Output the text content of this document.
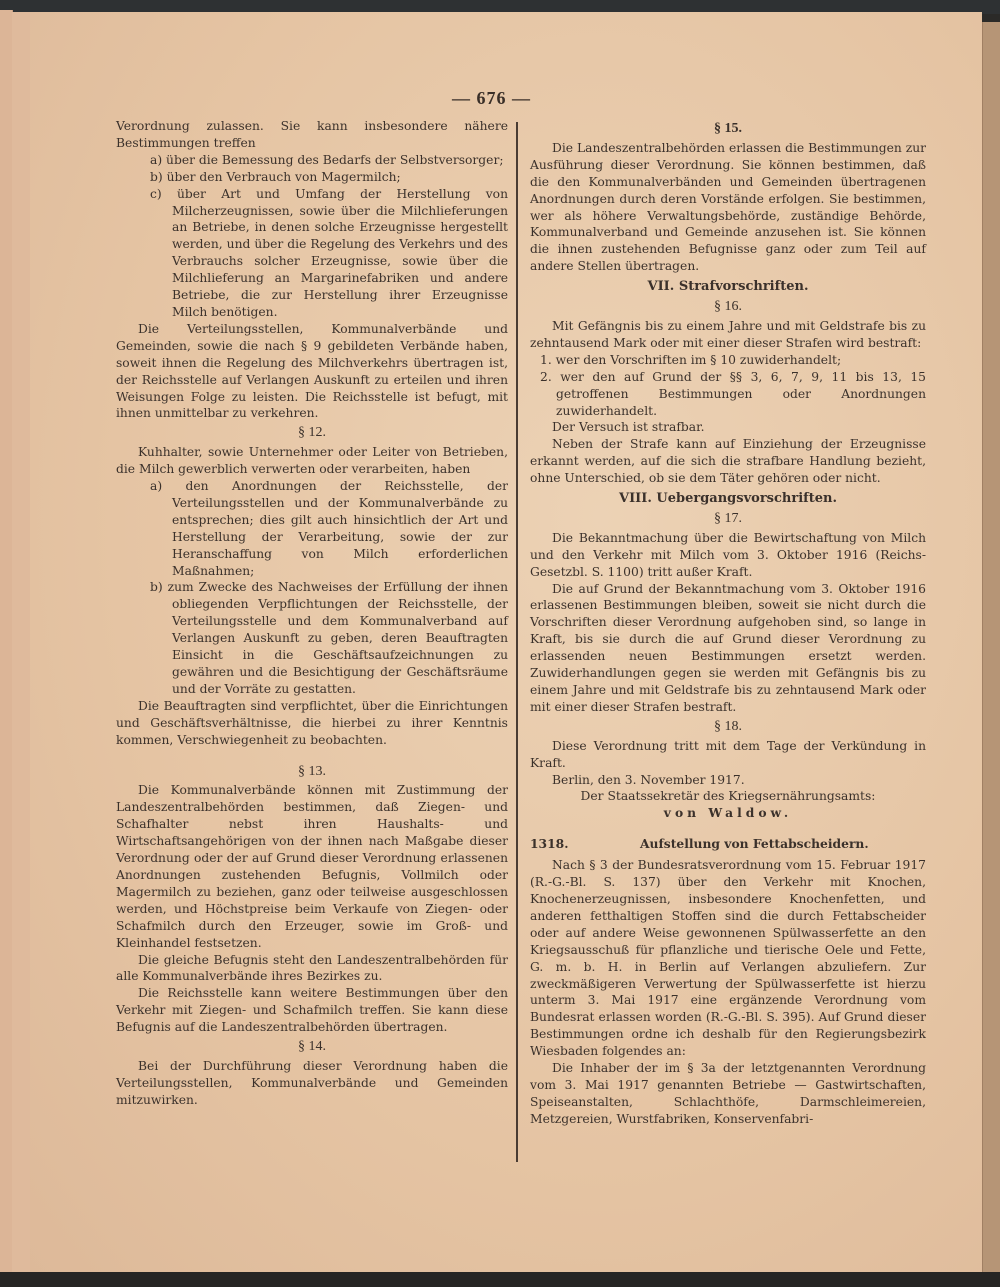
— 676 —

Verordnung zulassen. Sie kann insbesondere nähere Bestimmungen treffen

a) über die Bemessung des Bedarfs der Selbstversorger;

b) über den Verbrauch von Magermilch;

c) über Art und Umfang der Herstellung von Milcherzeugnissen, sowie über die Milchlieferungen an Betriebe, in denen solche Erzeugnisse hergestellt werden, und über die Regelung des Verkehrs und des Verbrauchs solcher Erzeugnisse, sowie über die Milchlieferung an Margarinefabriken und andere Betriebe, die zur Herstellung ihrer Erzeugnisse Milch benötigen.

Die Verteilungsstellen, Kommunalverbände und Gemeinden, sowie die nach § 9 gebildeten Verbände haben, soweit ihnen die Regelung des Milchverkehrs übertragen ist, der Reichsstelle auf Verlangen Auskunft zu erteilen und ihren Weisungen Folge zu leisten. Die Reichsstelle ist befugt, mit ihnen unmittelbar zu verkehren.

§ 12.

Kuhhalter, sowie Unternehmer oder Leiter von Betrieben, die Milch gewerblich verwerten oder verarbeiten, haben

a) den Anordnungen der Reichsstelle, der Verteilungsstellen und der Kommunalverbände zu entsprechen; dies gilt auch hinsichtlich der Art und Herstellung der Verarbeitung, sowie der zur Heranschaffung von Milch erforderlichen Maßnahmen;

b) zum Zwecke des Nachweises der Erfüllung der ihnen obliegenden Verpflichtungen der Reichsstelle, der Verteilungsstelle und dem Kommunalverband auf Verlangen Auskunft zu geben, deren Beauftragten Einsicht in die Geschäftsaufzeichnungen zu gewähren und die Besichtigung der Geschäftsräume und der Vorräte zu gestatten.

Die Beauftragten sind verpflichtet, über die Einrichtungen und Geschäftsverhältnisse, die hierbei zu ihrer Kenntnis kommen, Verschwiegenheit zu beobachten.

§ 13.

Die Kommunalverbände können mit Zustimmung der Landeszentralbehörden bestimmen, daß Ziegen- und Schafhalter nebst ihren Haushalts- und Wirtschaftsangehörigen von der ihnen nach Maßgabe dieser Verordnung oder der auf Grund dieser Verordnung erlassenen Anordnungen zustehenden Befugnis, Vollmilch oder Magermilch zu beziehen, ganz oder teilweise ausgeschlossen werden, und Höchstpreise beim Verkaufe von Ziegen- oder Schafmilch durch den Erzeuger, sowie im Groß- und Kleinhandel festsetzen.

Die gleiche Befugnis steht den Landeszentralbehörden für alle Kommunalverbände ihres Bezirkes zu.

Die Reichsstelle kann weitere Bestimmungen über den Verkehr mit Ziegen- und Schafmilch treffen. Sie kann diese Befugnis auf die Landeszentralbehörden übertragen.

§ 14.

Bei der Durchführung dieser Verordnung haben die Verteilungsstellen, Kommunalverbände und Gemeinden mitzuwirken.

§ 15.

Die Landeszentralbehörden erlassen die Bestimmungen zur Ausführung dieser Verordnung. Sie können bestimmen, daß die den Kommunalverbänden und Gemeinden übertragenen Anordnungen durch deren Vorstände erfolgen. Sie bestimmen, wer als höhere Verwaltungsbehörde, zuständige Behörde, Kommunalverband und Gemeinde anzusehen ist. Sie können die ihnen zustehenden Befugnisse ganz oder zum Teil auf andere Stellen übertragen.

VII. Strafvorschriften.

§ 16.

Mit Gefängnis bis zu einem Jahre und mit Geldstrafe bis zu zehntausend Mark oder mit einer dieser Strafen wird bestraft:

1. wer den Vorschriften im § 10 zuwiderhandelt;

2. wer den auf Grund der §§ 3, 6, 7, 9, 11 bis 13, 15 getroffenen Bestimmungen oder Anordnungen zuwiderhandelt.

Der Versuch ist strafbar.

Neben der Strafe kann auf Einziehung der Erzeugnisse erkannt werden, auf die sich die strafbare Handlung bezieht, ohne Unterschied, ob sie dem Täter gehören oder nicht.

VIII. Uebergangsvorschriften.

§ 17.

Die Bekanntmachung über die Bewirtschaftung von Milch und den Verkehr mit Milch vom 3. Oktober 1916 (Reichs-Gesetzbl. S. 1100) tritt außer Kraft.

Die auf Grund der Bekanntmachung vom 3. Oktober 1916 erlassenen Bestimmungen bleiben, soweit sie nicht durch die Vorschriften dieser Verordnung aufgehoben sind, so lange in Kraft, bis sie durch die auf Grund dieser Verordnung zu erlassenden neuen Bestimmungen ersetzt werden. Zuwiderhandlungen gegen sie werden mit Gefängnis bis zu einem Jahre und mit Geldstrafe bis zu zehntausend Mark oder mit einer dieser Strafen bestraft.

§ 18.

Diese Verordnung tritt mit dem Tage der Verkündung in Kraft.

Berlin, den 3. November 1917.

Der Staatssekretär des Kriegsernährungsamts:

von Waldow.

1318.	Aufstellung von Fettabscheidern.

Nach § 3 der Bundesratsverordnung vom 15. Februar 1917 (R.-G.-Bl. S. 137) über den Verkehr mit Knochen, Knochenerzeugnissen, insbesondere Knochenfetten, und anderen fetthaltigen Stoffen sind die durch Fettabscheider oder auf andere Weise gewonnenen Spülwasserfette an den Kriegsausschuß für pflanzliche und tierische Oele und Fette, G. m. b. H. in Berlin auf Verlangen abzuliefern. Zur zweckmäßigeren Verwertung der Spülwasserfette ist hierzu unterm 3. Mai 1917 eine ergänzende Verordnung vom Bundesrat erlassen worden (R.-G.-Bl. S. 395). Auf Grund dieser Bestimmungen ordne ich deshalb für den Regierungsbezirk Wiesbaden folgendes an:

Die Inhaber der im § 3a der letztgenannten Verordnung vom 3. Mai 1917 genannten Betriebe — Gastwirtschaften, Speiseanstalten, Schlachthöfe, Darmschleimereien, Metzgereien, Wurstfabriken, Konservenfabri-
